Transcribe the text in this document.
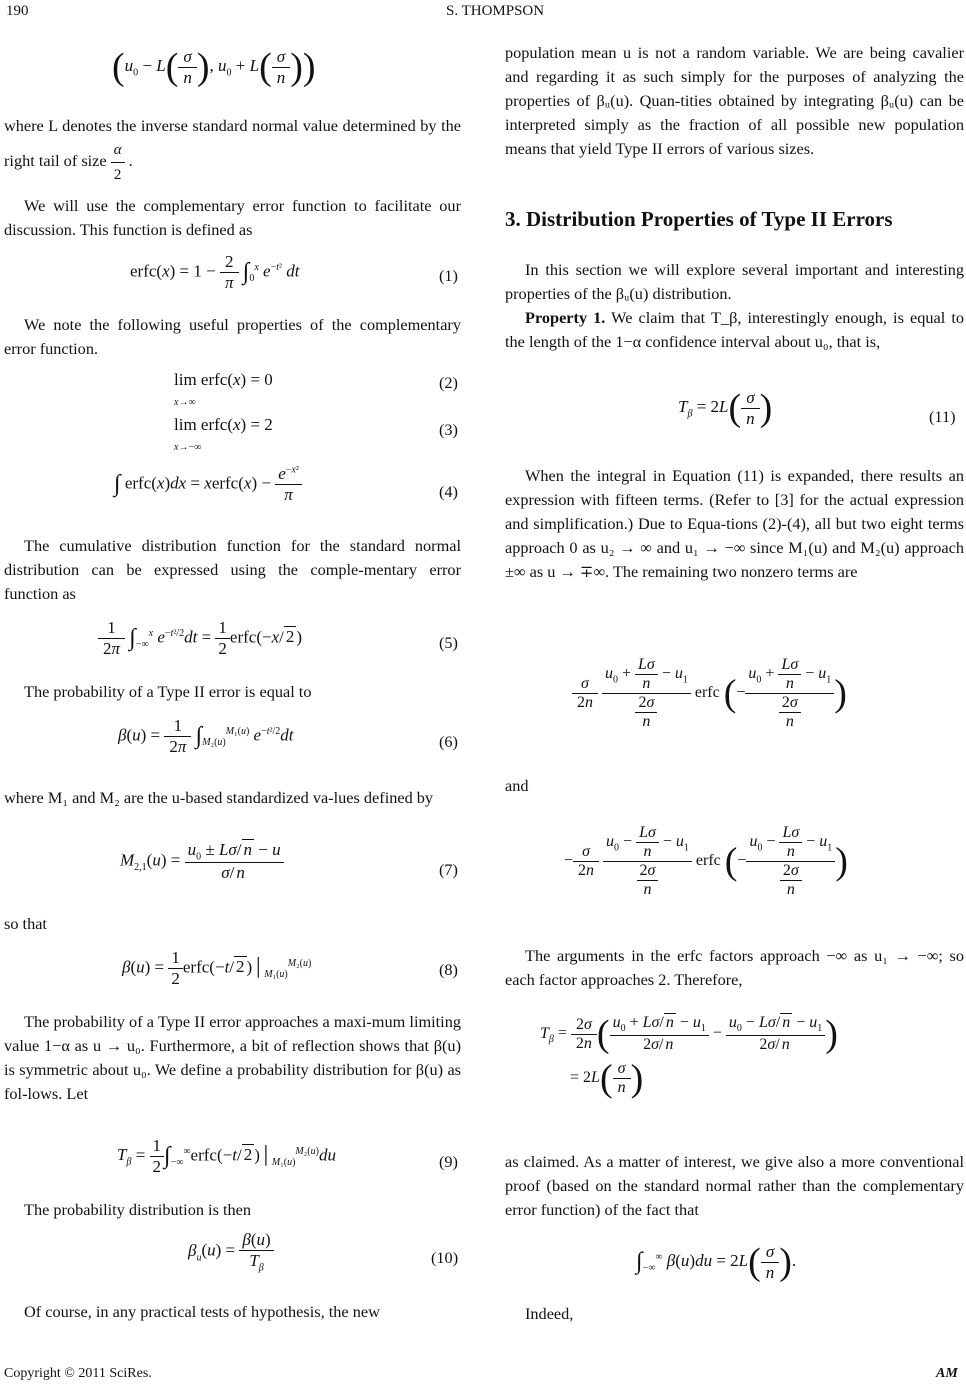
190	S. THOMPSON
($u_0 - L( \frac{\sigma}{n}$ ), $u_0 + L( \frac{\sigma}{n}$ ))

where L denotes the inverse standard normal value determined by the right tail of size $\frac{\alpha}{2}$ .

We will use the complementary error function to facilitate our discussion. This function is defined as

erfc(x) = $1 - \frac{2}{\pi} \int_0^x$ $e^{-t^2}$ dt	(1)

We note the following useful properties of the complementary error function.

lim erfc(x) = 0
x→∞
(2)
lim erfc(x) = 2
x→−∞
(3)
∫ erfc(x)dx = xerfc(x) − $\frac{e^{-x^2}}{\pi}$	(4)

The cumulative distribution function for the standard normal distribution can be expressed using the comple-mentary error function as

$\frac{1}{2\pi} \int_{-\infty}^x$ $e^{-t^2/2}dt = \frac{1}{2}$ erfc(−x/ 2 )	(5)

The probability of a Type II error is equal to

$\beta(u) = \frac{1}{2\pi} \int_{M_2(u)}^{M_1(u)}$ $e^{-t^2/2}dt$	(6)

where M₁ and M₂ are the u-based standardized va-lues defined by

$M_{2,1}(u) = \frac{u_0 \pm L\sigma/ n - u}{\sigma/ n}$	(7)

so that

$\beta(u) = \frac{1}{2}$ erfc(−t/ 2 )$│_{M_1(u)}^{M_2(u)}$	(8)

The probability of a Type II error approaches a maxi-mum limiting value 1−α as u → u₀. Furthermore, a bit of reflection shows that β(u) is symmetric about u₀. We define a probability distribution for β(u) as fol-lows. Let

$T_\beta = \frac{1}{2}$ $\int_{-\infty}^\infty erfc(-t/$ 2 )$│_{M_1(u)}^{M_2(u)}du$	(9)

The probability distribution is then

$\beta_u(u) = \frac{\beta(u)}{T_\beta}$	(10)

Of course, in any practical tests of hypothesis, the new

population mean u is not a random variable. We are being cavalier and regarding it as such simply for the purposes of analyzing the properties of βᵤ(u). Quan-tities obtained by integrating βᵤ(u) can be interpreted simply as the fraction of all possible new population means that yield Type II errors of various sizes.

3. Distribution Properties of Type II Errors

In this section we will explore several important and interesting properties of the βᵤ(u) distribution.

Property 1. We claim that T_β, interestingly enough, is equal to the length of the 1−α confidence interval about u₀, that is,

$T_\beta = 2L( \frac{\sigma}{n}$ )	(11)

When the integral in Equation (11) is expanded, there results an expression with fifteen terms. (Refer to [3] for the actual expression and simplification.) Due to Equa-tions (2)-(4), all but two eight terms approach 0 as u₂ → ∞ and u₁ → −∞ since M₁(u) and M₂(u) approach ±∞ as u → ∓∞. The remaining two nonzero terms are

$\frac{\sigma}{2n}$
$\frac{u_0 + \frac{L\sigma}{n} - u_1}{\frac{2\sigma}{n}}$ erfc (− $\frac{u_0 + \frac{L\sigma}{n} - u_1}{\frac{2\sigma}{n}}$ )

and

− $\frac{\sigma}{2n}$
$\frac{u_0 - \frac{L\sigma}{n} - u_1}{\frac{2\sigma}{n}}$ erfc (− $\frac{u_0 - \frac{L\sigma}{n} - u_1}{\frac{2\sigma}{n}}$ )

The arguments in the erfc factors approach −∞ as u₁ → −∞; so each factor approaches 2. Therefore,

$T_\beta = \frac{2\sigma}{2n}$ ( $\frac{u_0 + L\sigma/ n - u_1}{2\sigma/ n} - \frac{u_0 - L\sigma/ n - u_1}{2\sigma/ n}$ )
= $2L( \frac{\sigma}{n}$ )

as claimed. As a matter of interest, we give also a more conventional proof (based on the standard normal rather than the complementary error function) of the fact that

$\int_{-\infty}^\infty$ $\beta(u)du = 2L( \frac{\sigma}{n}$ ).

Indeed,

Copyright © 2011 SciRes.	AM
